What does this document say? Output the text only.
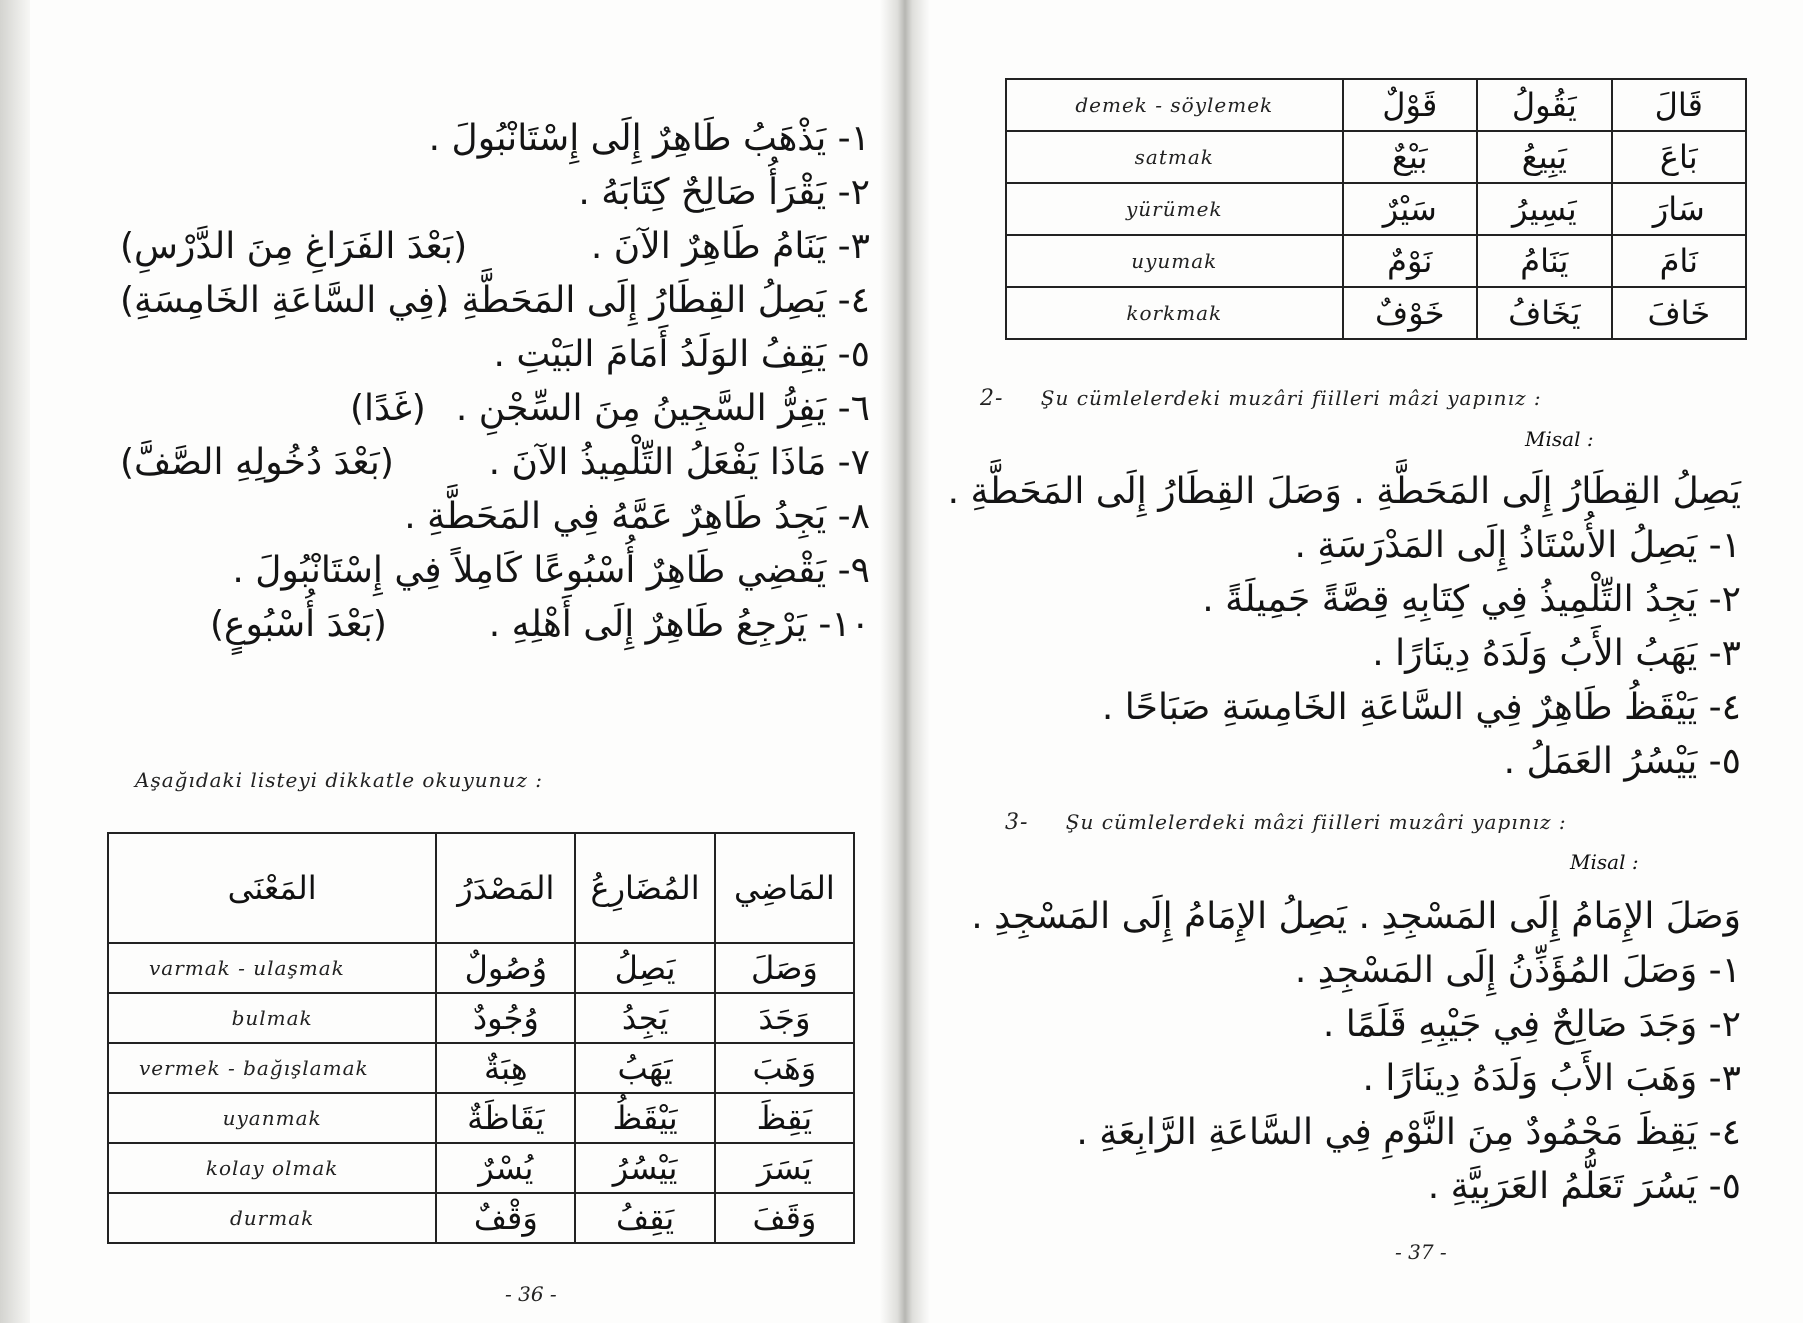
١- يَذْهَبُ طَاهِرٌ إِلَى إِسْتَانْبُولَ .
٢- يَقْرَأُ صَالِحٌ كِتَابَهُ .
٣- يَنَامُ طَاهِرٌ الآنَ .
(بَعْدَ الفَرَاغِ مِنَ الدَّرْسِ)
٤- يَصِلُ القِطَارُ إِلَى المَحَطَّةِ .
(فِي السَّاعَةِ الخَامِسَةِ)
٥- يَقِفُ الوَلَدُ أَمَامَ البَيْتِ .
٦- يَفِرُّ السَّجِينُ مِنَ السِّجْنِ .
(غَدًا)
٧- مَاذَا يَفْعَلُ التِّلْمِيذُ الآنَ .
(بَعْدَ دُخُولِهِ الصَّفَّ)
٨- يَجِدُ طَاهِرٌ عَمَّهُ فِي المَحَطَّةِ .
٩- يَقْضِي طَاهِرٌ أُسْبُوعًا كَامِلاً فِي إِسْتَانْبُولَ .
١٠- يَرْجِعُ طَاهِرٌ إِلَى أَهْلِهِ .
(بَعْدَ أُسْبُوعٍ)
Aşağıdaki listeyi dikkatle okuyunuz :
المَعْنَى	المَصْدَرُ	المُضَارِعُ	المَاضِي
varmak - ulaşmak	وُصُولٌ	يَصِلُ	وَصَلَ
bulmak	وُجُودٌ	يَجِدُ	وَجَدَ
vermek - bağışlamak	هِبَةٌ	يَهَبُ	وَهَبَ
uyanmak	يَقَاظَةٌ	يَيْقَظُ	يَقِظَ
kolay olmak	يُسْرٌ	يَيْسُرُ	يَسَرَ
durmak	وَقْفٌ	يَقِفُ	وَقَفَ
- 36 -
demek - söylemek	قَوْلٌ	يَقُولُ	قَالَ
satmak	بَيْعٌ	يَبِيعُ	بَاعَ
yürümek	سَيْرٌ	يَسِيرُ	سَارَ
uyumak	نَوْمٌ	يَنَامُ	نَامَ
korkmak	خَوْفٌ	يَخَافُ	خَافَ
2- Şu cümlelerdeki muzâri fiilleri mâzi yapınız :
Misal :
يَصِلُ القِطَارُ إِلَى المَحَطَّةِ . وَصَلَ القِطَارُ إِلَى المَحَطَّةِ .
١- يَصِلُ الأُسْتَاذُ إِلَى المَدْرَسَةِ .
٢- يَجِدُ التِّلْمِيذُ فِي كِتَابِهِ قِصَّةً جَمِيلَةً .
٣- يَهَبُ الأَبُ وَلَدَهُ دِينَارًا .
٤- يَيْقَظُ طَاهِرٌ فِي السَّاعَةِ الخَامِسَةِ صَبَاحًا .
٥- يَيْسُرُ العَمَلُ .
3- Şu cümlelerdeki mâzi fiilleri muzâri yapınız :
Misal :
وَصَلَ الإِمَامُ إِلَى المَسْجِدِ . يَصِلُ الإِمَامُ إِلَى المَسْجِدِ .
١- وَصَلَ المُؤَذِّنُ إِلَى المَسْجِدِ .
٢- وَجَدَ صَالِحٌ فِي جَيْبِهِ قَلَمًا .
٣- وَهَبَ الأَبُ وَلَدَهُ دِينَارًا .
٤- يَقِظَ مَحْمُودٌ مِنَ النَّوْمِ فِي السَّاعَةِ الرَّابِعَةِ .
٥- يَسُرَ تَعَلُّمُ العَرَبِيَّةِ .
- 37 -
